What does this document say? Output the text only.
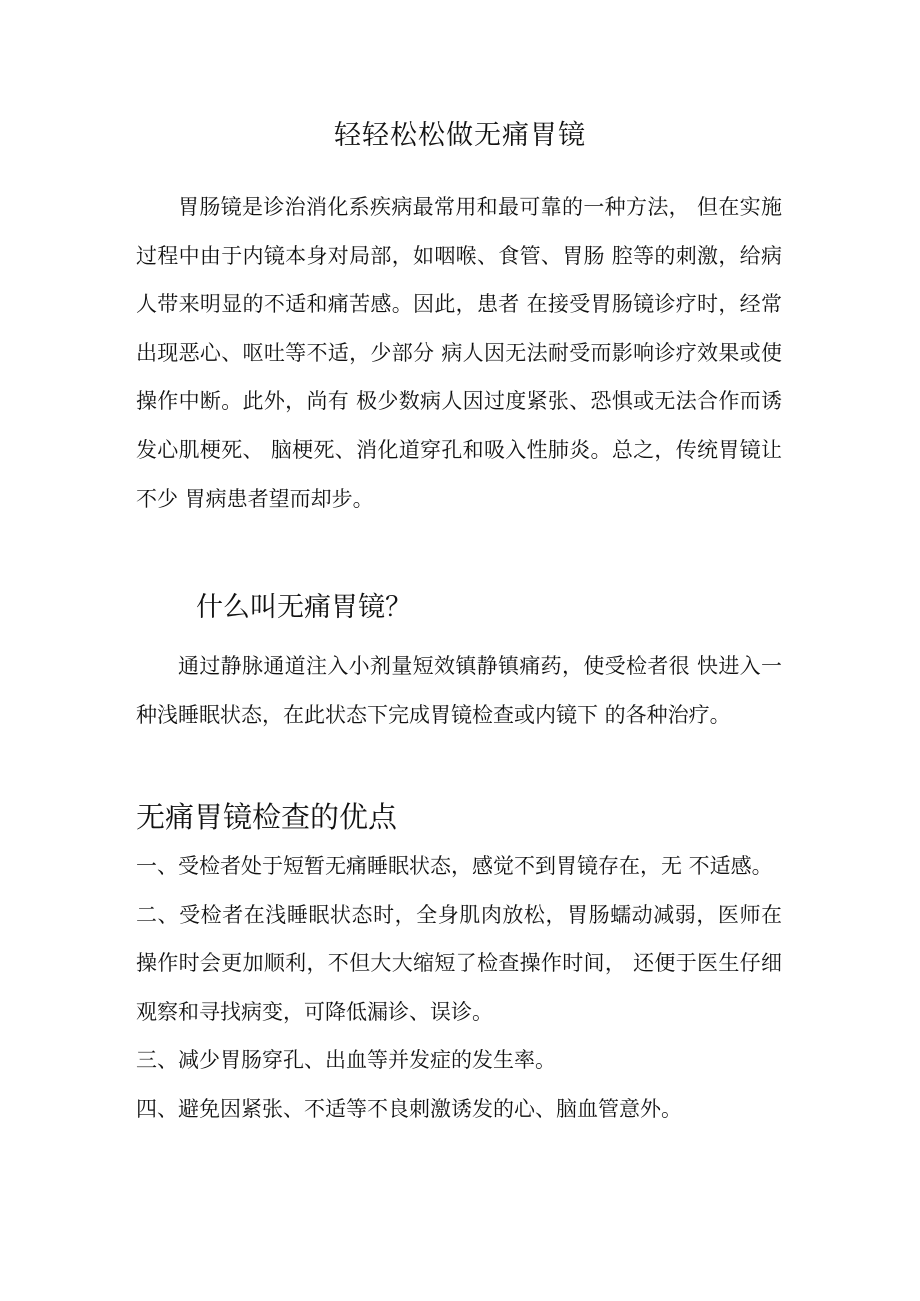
轻轻松松做无痛胃镜

胃肠镜是诊治消化系疾病最常用和最可靠的一种方法， 但在实施过程中由于内镜本身对局部，如咽喉、食管、胃肠 腔等的刺激，给病人带来明显的不适和痛苦感。因此，患者 在接受胃肠镜诊疗时，经常出现恶心、呕吐等不适，少部分 病人因无法耐受而影响诊疗效果或使操作中断。此外，尚有 极少数病人因过度紧张、恐惧或无法合作而诱发心肌梗死、 脑梗死、消化道穿孔和吸入性肺炎。总之，传统胃镜让不少 胃病患者望而却步。

什么叫无痛胃镜？

通过静脉通道注入小剂量短效镇静镇痛药，使受检者很 快进入一种浅睡眠状态，在此状态下完成胃镜检查或内镜下 的各种治疗。

无痛胃镜检查的优点
一、受检者处于短暂无痛睡眠状态，感觉不到胃镜存在，无 不适感。
二、受检者在浅睡眠状态时，全身肌肉放松，胃肠蠕动减弱，医师在操作时会更加顺利，不但大大缩短了检查操作时间， 还便于医生仔细观察和寻找病变，可降低漏诊、误诊。
三、减少胃肠穿孔、出血等并发症的发生率。
四、避免因紧张、不适等不良刺激诱发的心、脑血管意外。
